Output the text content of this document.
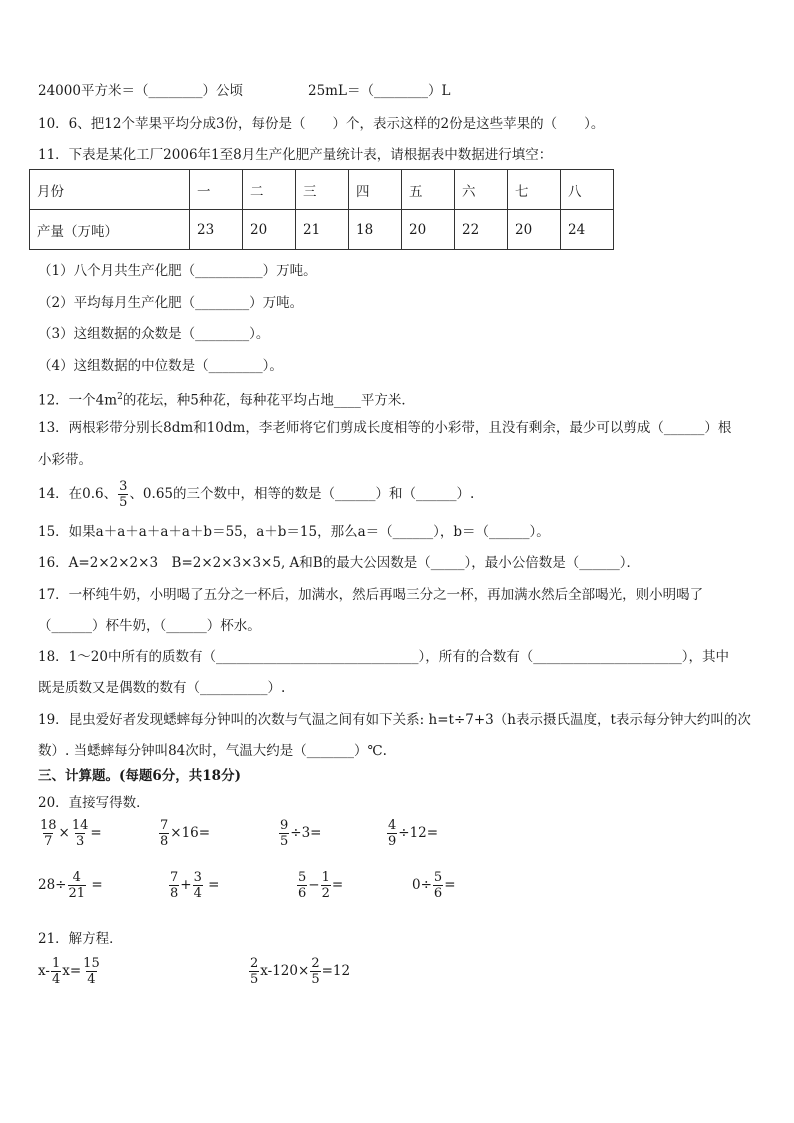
24000平方米＝（________）公顷	25mL＝（________）L
10．6、把12个苹果平均分成3份，每份是（　　）个，表示这样的2份是这些苹果的（　　）。
11．下表是某化工厂2006年1至8月生产化肥产量统计表，请根据表中数据进行填空：
月份	一	二	三	四	五	六	七	八
产量（万吨）	23	20	21	18	20	22	20	24
（1）八个月共生产化肥（__________）万吨。
（2）平均每月生产化肥（________）万吨。
（3）这组数据的众数是（________）。
（4）这组数据的中位数是（________）。
12．一个$4m^2$的花坛，种5种花，每种花平均占地____平方米．
13．两根彩带分别长8dm和10dm，李老师将它们剪成长度相等的小彩带，且没有剩余，最少可以剪成（______）根
小彩带。
14．在0.6、 $\frac{3}{5}$ 、0.65的三个数中，相等的数是（______）和（______）.
15．如果a＋a＋a＋a＋a＋b＝55，a＋b＝15，那么a＝（______），b＝（______）。
16．A=2×2×2×3　B=2×2×3×3×5, A和B的最大公因数是（_____），最小公倍数是（______）．
17．一杯纯牛奶，小明喝了五分之一杯后，加满水，然后再喝三分之一杯，再加满水然后全部喝光，则小明喝了
（______）杯牛奶，（______）杯水。
18．1～20中所有的质数有（______________________________），所有的合数有（______________________），其中
既是质数又是偶数的数有（__________）.
19．昆虫爱好者发现蟋蟀每分钟叫的次数与气温之间有如下关系: h=t÷7+3（h表示摄氏温度，t表示每分钟大约叫的次
数）. 当蟋蟀每分钟叫84次时，气温大约是（_______）℃.
三、计算题。(每题6分，共18分)
20．直接写得数．
$\frac{18}{7} \times \frac{14}{3}$ =	$\frac{7}{8} \times 16=$	$\frac{9}{5} \div 3=$	$\frac{4}{9} \div 12=$
$28\div \frac{4}{21}$ =	$\frac{7}{8} + \frac{3}{4}$ =	$\frac{5}{6} - \frac{1}{2}$ =	$0\div \frac{5}{6}$ =
21．解方程．
$x- \frac{1}{4} x= \frac{15}{4}$	$\frac{2}{5} x-120\times \frac{2}{5} =12$
